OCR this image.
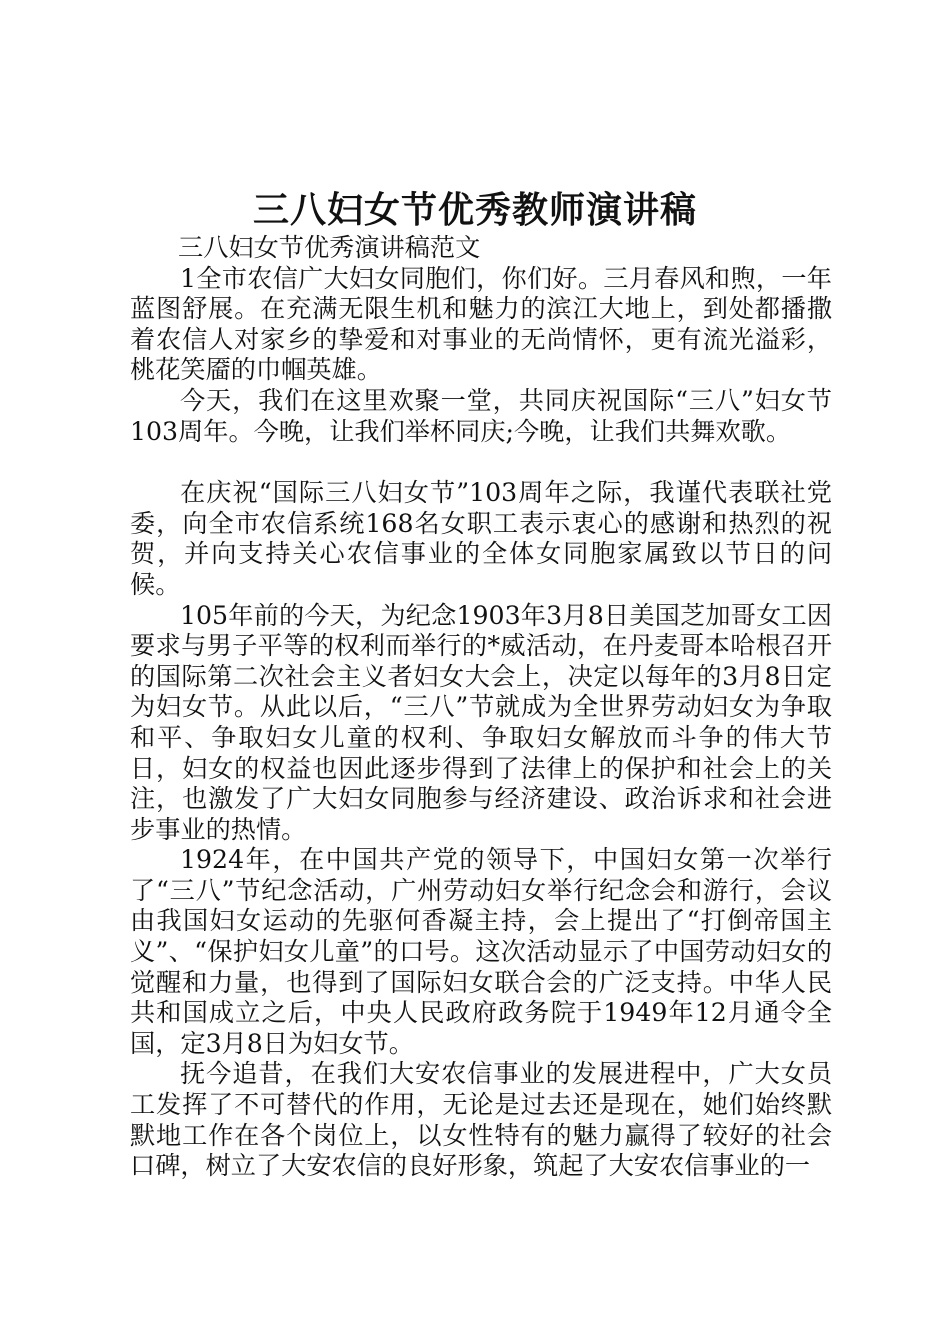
三八妇女节优秀教师演讲稿

三八妇女节优秀演讲稿范文

1全市农信广大妇女同胞们，你们好。三月春风和煦，一年蓝图舒展。在充满无限生机和魅力的滨江大地上，到处都播撒着农信人对家乡的挚爱和对事业的无尚情怀，更有流光溢彩，桃花笑靥的巾帼英雄。

今天，我们在这里欢聚一堂，共同庆祝国际“三八”妇女节103周年。今晚，让我们举杯同庆;今晚，让我们共舞欢歌。

在庆祝“国际三八妇女节”103周年之际，我谨代表联社党委，向全市农信系统168名女职工表示衷心的感谢和热烈的祝贺，并向支持关心农信事业的全体女同胞家属致以节日的问候。

105年前的今天，为纪念1903年3月8日美国芝加哥女工因要求与男子平等的权利而举行的*威活动，在丹麦哥本哈根召开的国际第二次社会主义者妇女大会上，决定以每年的3月8日定为妇女节。从此以后，“三八”节就成为全世界劳动妇女为争取和平、争取妇女儿童的权利、争取妇女解放而斗争的伟大节日，妇女的权益也因此逐步得到了法律上的保护和社会上的关注，也激发了广大妇女同胞参与经济建设、政治诉求和社会进步事业的热情。

1924年，在中国共产党的领导下，中国妇女第一次举行了“三八”节纪念活动，广州劳动妇女举行纪念会和游行，会议由我国妇女运动的先驱何香凝主持，会上提出了“打倒帝国主义”、“保护妇女儿童”的口号。这次活动显示了中国劳动妇女的觉醒和力量，也得到了国际妇女联合会的广泛支持。中华人民共和国成立之后，中央人民政府政务院于1949年12月通令全国，定3月8日为妇女节。

抚今追昔，在我们大安农信事业的发展进程中，广大女员工发挥了不可替代的作用，无论是过去还是现在，她们始终默默地工作在各个岗位上，以女性特有的魅力赢得了较好的社会口碑，树立了大安农信的良好形象，筑起了大安农信事业的一
